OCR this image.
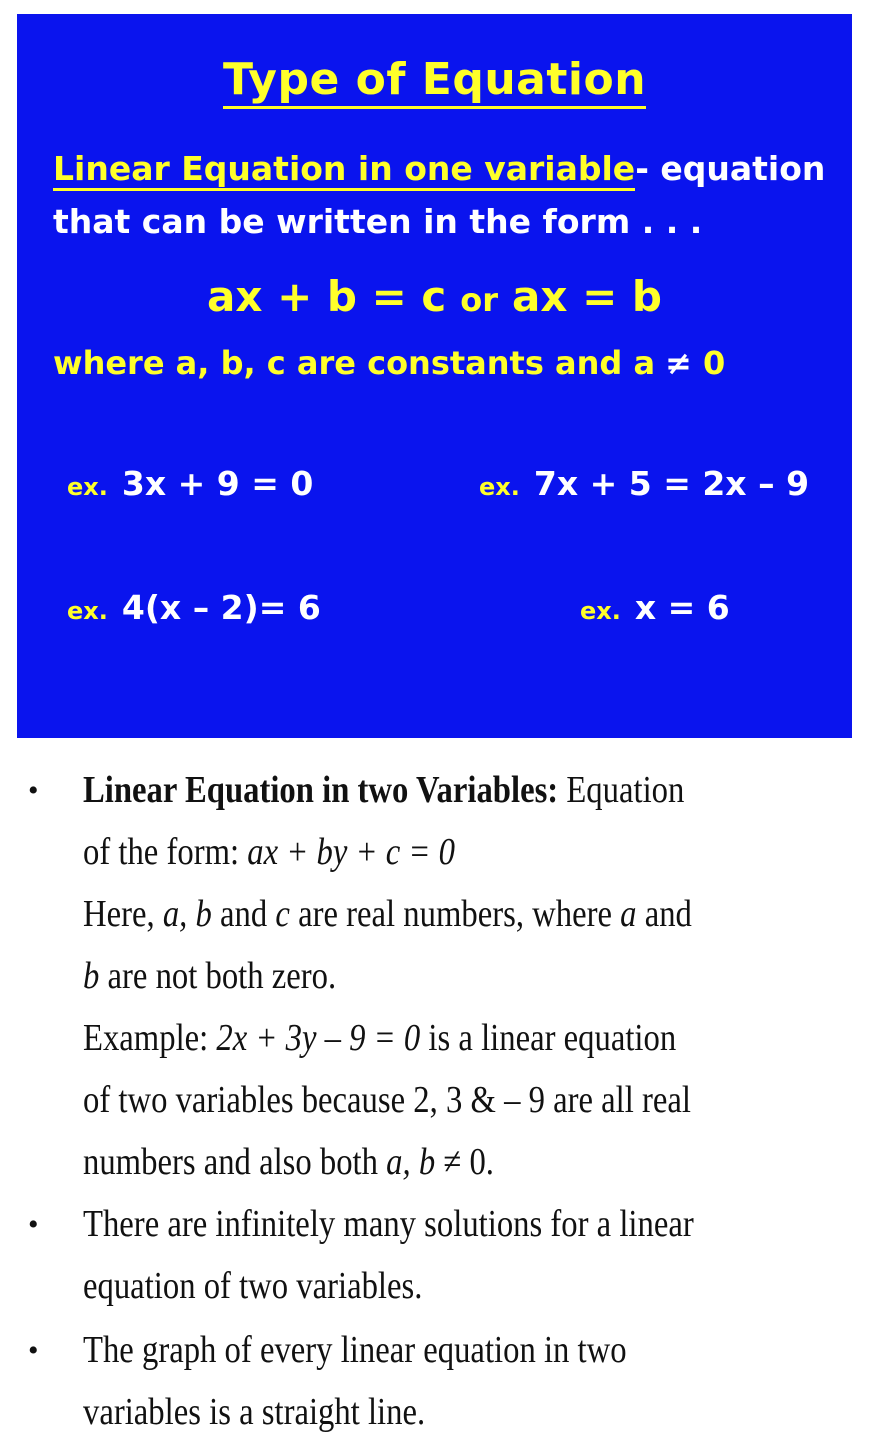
Type of Equation
Linear Equation in one variable- equation
that can be written in the form . . .
ax + b = c or ax = b
where a, b, c are constants and a ≠ 0
ex. 3x + 9 = 0	ex. 7x + 5 = 2x – 9
ex. 4(x – 2)= 6	ex. x = 6
• Linear Equation in two Variables: Equation
of the form: ax + by + c = 0
Here, a, b and c are real numbers, where a and
b are not both zero.
Example: 2x + 3y – 9 = 0 is a linear equation
of two variables because 2, 3 & – 9 are all real
numbers and also both a, b ≠ 0.
• There are infinitely many solutions for a linear
equation of two variables.
• The graph of every linear equation in two
variables is a straight line.
